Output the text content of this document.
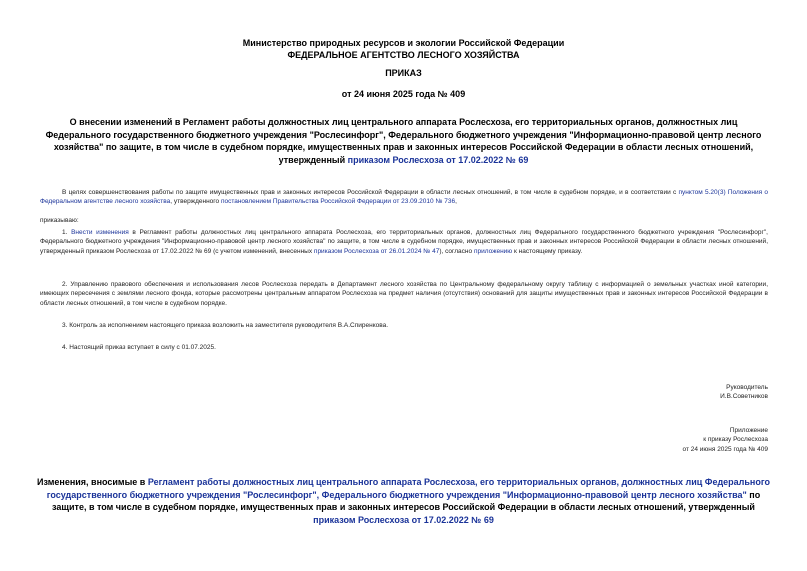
Министерство природных ресурсов и экологии Российской Федерации
ФЕДЕРАЛЬНОЕ АГЕНТСТВО ЛЕСНОГО ХОЗЯЙСТВА
ПРИКАЗ
от 24 июня 2025 года № 409
О внесении изменений в Регламент работы должностных лиц центрального аппарата Рослесхоза, его территориальных органов, должностных лиц Федерального государственного бюджетного учреждения "Рослесинфорг", Федерального бюджетного учреждения "Информационно-правовой центр лесного хозяйства" по защите, в том числе в судебном порядке, имущественных прав и законных интересов Российской Федерации в области лесных отношений, утвержденный приказом Рослесхоза от 17.02.2022 № 69
В целях совершенствования работы по защите имущественных прав и законных интересов Российской Федерации в области лесных отношений, в том числе в судебном порядке, и в соответствии с пунктом 5.20(3) Положения о Федеральном агентстве лесного хозяйства, утвержденного постановлением Правительства Российской Федерации от 23.09.2010 № 736,
приказываю:
1. Внести изменения в Регламент работы должностных лиц центрального аппарата Рослесхоза, его территориальных органов, должностных лиц Федерального государственного бюджетного учреждения "Рослесинфорг", Федерального бюджетного учреждения "Информационно-правовой центр лесного хозяйства" по защите, в том числе в судебном порядке, имущественных прав и законных интересов Российской Федерации в области лесных отношений, утвержденный приказом Рослесхоза от 17.02.2022 № 69 (с учетом изменений, внесенных приказом Рослесхоза от 26.01.2024 № 47), согласно приложению к настоящему приказу.
2. Управлению правового обеспечения и использования лесов Рослесхоза передать в Департамент лесного хозяйства по Центральному федеральному округу таблицу с информацией о земельных участках иной категории, имеющих пересечения с землями лесного фонда, которые рассмотрены центральным аппаратом Рослесхоза на предмет наличия (отсутствия) оснований для защиты имущественных прав и законных интересов Российской Федерации в области лесных отношений, в том числе в судебном порядке.
3. Контроль за исполнением настоящего приказа возложить на заместителя руководителя В.А.Спиренкова.
4. Настоящий приказ вступает в силу с 01.07.2025.
Руководитель
И.В.Советников
Приложение
к приказу Рослесхоза
от 24 июня 2025 года № 409
Изменения, вносимые в Регламент работы должностных лиц центрального аппарата Рослесхоза, его территориальных органов, должностных лиц Федерального государственного бюджетного учреждения "Рослесинфорг", Федерального бюджетного учреждения "Информационно-правовой центр лесного хозяйства" по защите, в том числе в судебном порядке, имущественных прав и законных интересов Российской Федерации в области лесных отношений, утвержденный приказом Рослесхоза от 17.02.2022 № 69
